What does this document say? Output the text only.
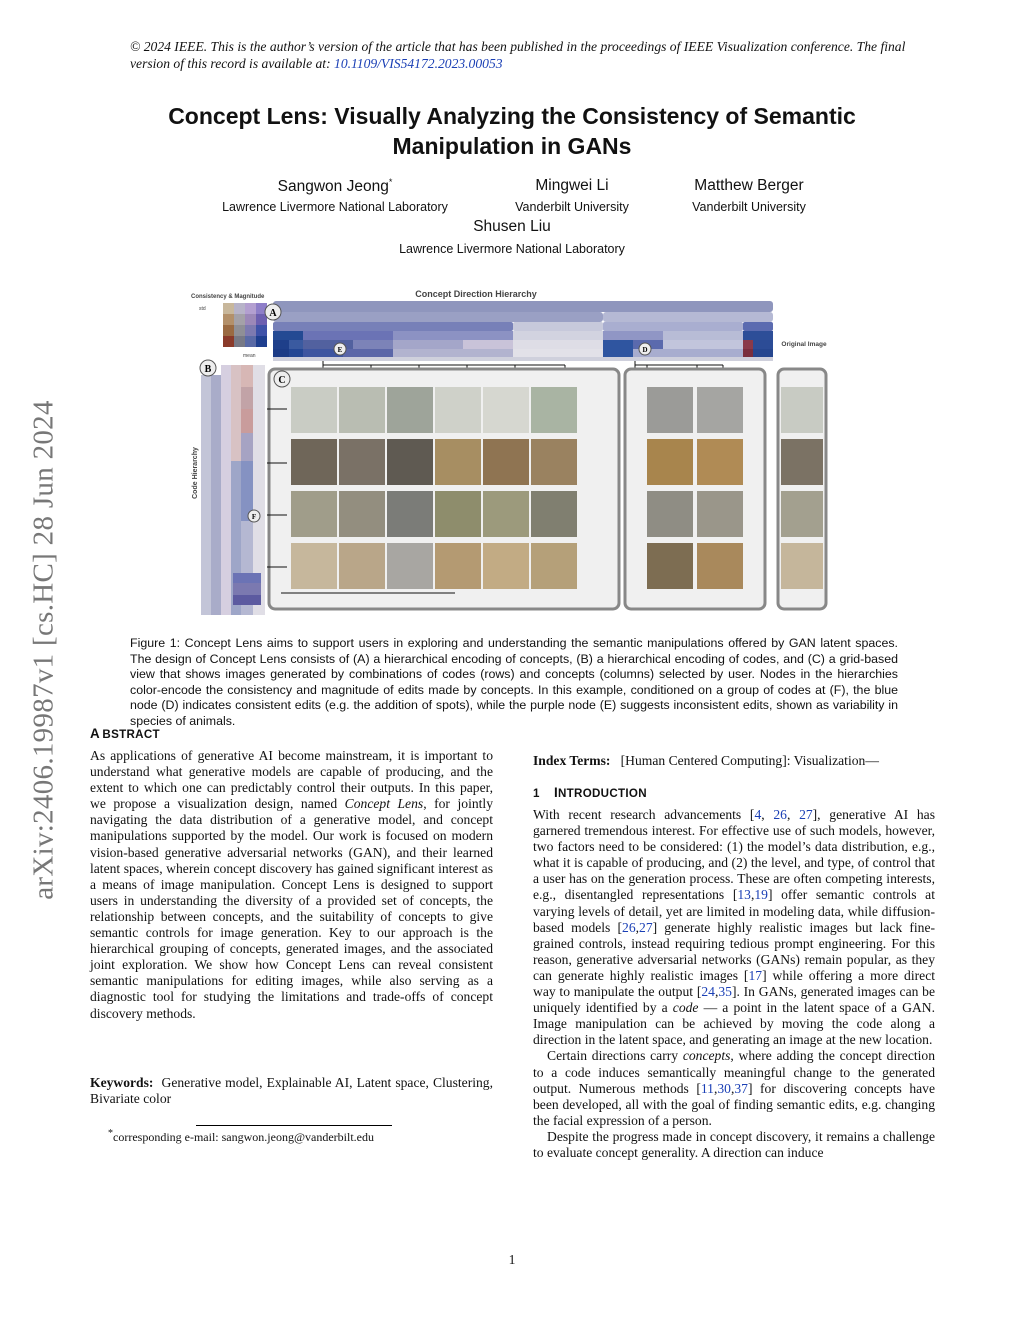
© 2024 IEEE. This is the author’s version of the article that has been published in the proceedings of IEEE Visualization conference. The final version of this record is available at: 10.1109/VIS54172.2023.00053
Concept Lens: Visually Analyzing the Consistency of Semantic Manipulation in GANs
Sangwon Jeong*
Lawrence Livermore National Laboratory
Mingwei Li
Vanderbilt University
Matthew Berger
Vanderbilt University
Shusen Liu
Lawrence Livermore National Laboratory
arXiv:2406.19987v1 [cs.HC] 28 Jun 2024
Concept Direction Hierarchy
Consistency & Magnitude
std
mean
A
E	D
Original Image
Code Hierarchy
B
F
C
Figure 1: Concept Lens aims to support users in exploring and understanding the semantic manipulations offered by GAN latent spaces. The design of Concept Lens consists of (A) a hierarchical encoding of concepts, (B) a hierarchical encoding of codes, and (C) a grid-based view that shows images generated by combinations of codes (rows) and concepts (columns) selected by user. Nodes in the hierarchies color-encode the consistency and magnitude of edits made by concepts. In this example, conditioned on a group of codes at (F), the blue node (D) indicates consistent edits (e.g. the addition of spots), while the purple node (E) suggests inconsistent edits, shown as variability in species of animals.
A BSTRACT

As applications of generative AI become mainstream, it is important to understand what generative models are capable of producing, and the extent to which one can predictably control their outputs. In this paper, we propose a visualization design, named Concept Lens, for jointly navigating the data distribution of a generative model, and concept manipulations supported by the model. Our work is focused on modern vision-based generative adversarial networks (GAN), and their learned latent spaces, wherein concept discovery has gained significant interest as a means of image manipulation. Concept Lens is designed to support users in understanding the diversity of a provided set of concepts, the relationship between concepts, and the suitability of concepts to give semantic controls for image generation. Key to our approach is the hierarchical grouping of concepts, generated images, and the associated joint exploration. We show how Concept Lens can reveal consistent semantic manipulations for editing images, while also serving as a diagnostic tool for studying the limitations and trade-offs of concept discovery methods.

Keywords: Generative model, Explainable AI, Latent space, Clustering, Bivariate color

*corresponding e-mail: sangwon.jeong@vanderbilt.edu

Index Terms: [Human Centered Computing]: Visualization—

1 INTRODUCTION

With recent research advancements [4, 26, 27], generative AI has garnered tremendous interest. For effective use of such models, however, two factors need to be considered: (1) the model’s data distribution, e.g., what it is capable of producing, and (2) the level, and type, of control that a user has on the generation process. These are often competing interests, e.g., disentangled representations [13,19] offer semantic controls at varying levels of detail, yet are limited in modeling data, while diffusion-based models [26,27] generate highly realistic images but lack fine-grained controls, instead requiring tedious prompt engineering. For this reason, generative adversarial networks (GANs) remain popular, as they can generate highly realistic images [17] while offering a more direct way to manipulate the output [24,35]. In GANs, generated images can be uniquely identified by a code — a point in the latent space of a GAN. Image manipulation can be achieved by moving the code along a direction in the latent space, and generating an image at the new location.

Certain directions carry concepts, where adding the concept direction to a code induces semantically meaningful change to the generated output. Numerous methods [11,30,37] for discovering concepts have been developed, all with the goal of finding semantic edits, e.g. changing the facial expression of a person.

Despite the progress made in concept discovery, it remains a challenge to evaluate concept generality. A direction can induce

1
